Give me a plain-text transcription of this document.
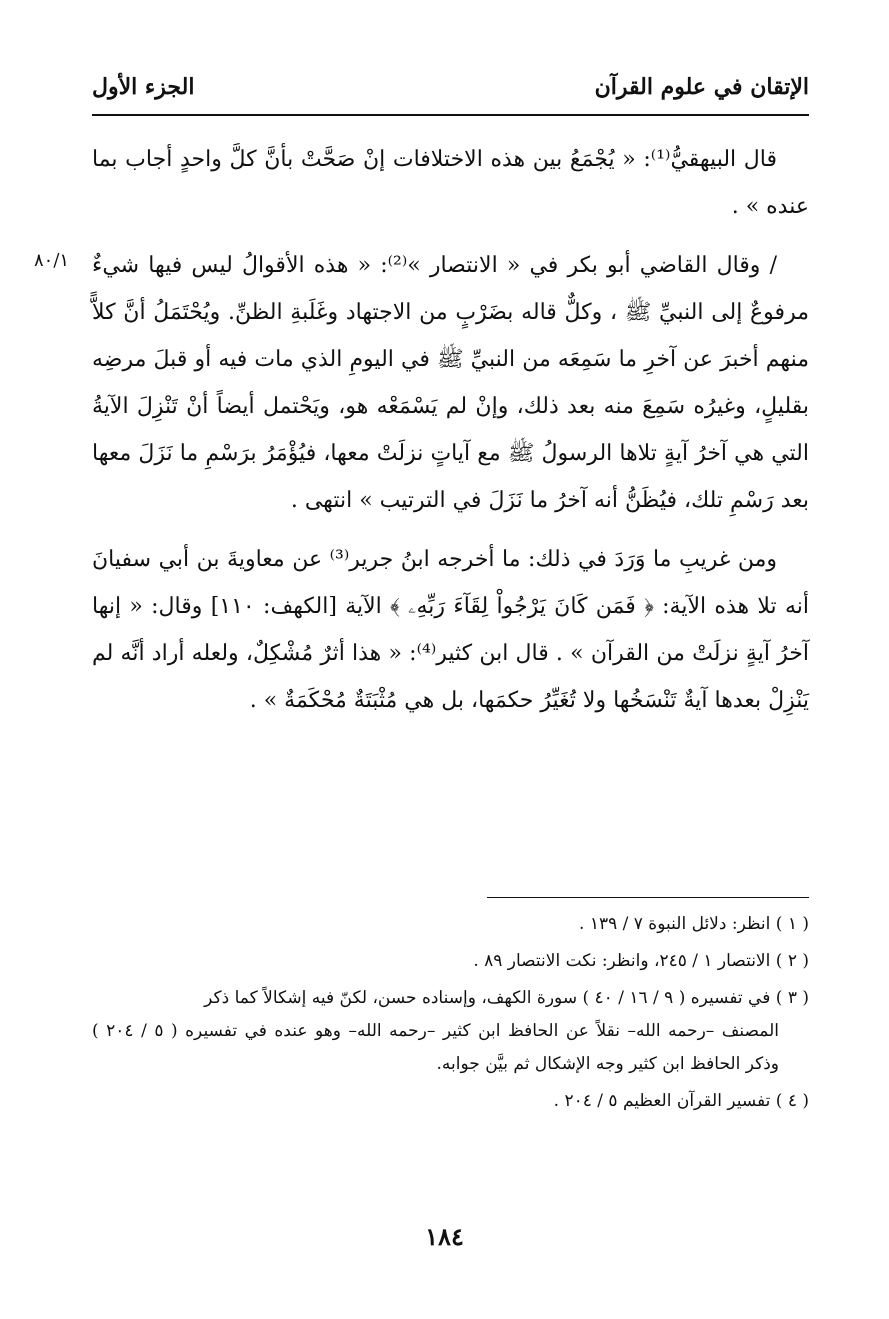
الإتقان في علوم القرآن
الجزء الأول
٨٠/١

قال البيهقيُّ⁽¹⁾: « يُجْمَعُ بين هذه الاختلافات إنْ صَحَّتْ بأنَّ كلَّ واحدٍ أجاب بما عنده » .

/ وقال القاضي أبو بكر في « الانتصار »⁽²⁾: « هذه الأقوالُ ليس فيها شيءٌ مرفوعٌ إلى النبيِّ ﷺ ، وكلٌّ قاله بضَرْبٍ من الاجتهاد وغَلَبةِ الظنِّ. ويُحْتَمَلُ أنَّ كلاًّ منهم أخبرَ عن آخرِ ما سَمِعَه من النبيِّ ﷺ في اليومِ الذي مات فيه أو قبلَ مرضِه بقليلٍ، وغيرُه سَمِعَ منه بعد ذلك، وإنْ لم يَسْمَعْه هو، ويَحْتمل أيضاً أنْ تَنْزِلَ الآيةُ التي هي آخرُ آيةٍ تلاها الرسولُ ﷺ مع آياتٍ نزلَتْ معها، فيُؤْمَرُ برَسْمِ ما نَزَلَ معها بعد رَسْمِ تلك، فيُظَنُّ أنه آخرُ ما نَزَلَ في الترتيب » انتهى .

ومن غريبِ ما وَرَدَ في ذلك: ما أخرجه ابنُ جرير⁽³⁾ عن معاويةَ بن أبي سفيانَ أنه تلا هذه الآية: ﴿ فَمَن كَانَ يَرْجُواْ لِقَآءَ رَبِّهِۦ ﴾ الآية [الكهف: ١١٠] وقال: « إنها آخرُ آيةٍ نزلَتْ من القرآن » . قال ابن كثير⁽⁴⁾: « هذا أثرٌ مُشْكِلٌ، ولعله أراد أنَّه لم يَنْزِلْ بعدها آيةٌ تَنْسَخُها ولا تُغَيِّرُ حكمَها، بل هي مُثْبَتَةٌ مُحْكَمَةٌ » .

( ١ ) انظر: دلائل النبوة ٧ / ١٣٩ .
( ٢ ) الانتصار ١ / ٢٤٥، وانظر: نكت الانتصار ٨٩ .
( ٣ ) في تفسيره ( ٩ / ١٦ / ٤٠ ) سورة الكهف، وإسناده حسن، لكنّ فيه إشكالاً كما ذكر
المصنف –رحمه الله– نقلاً عن الحافظ ابن كثير –رحمه الله– وهو عنده في تفسيره ( ٥ / ٢٠٤ ) وذكر الحافظ ابن كثير وجه الإشكال ثم بيَّن جوابه.
( ٤ ) تفسير القرآن العظيم ٥ / ٢٠٤ .
١٨٤
